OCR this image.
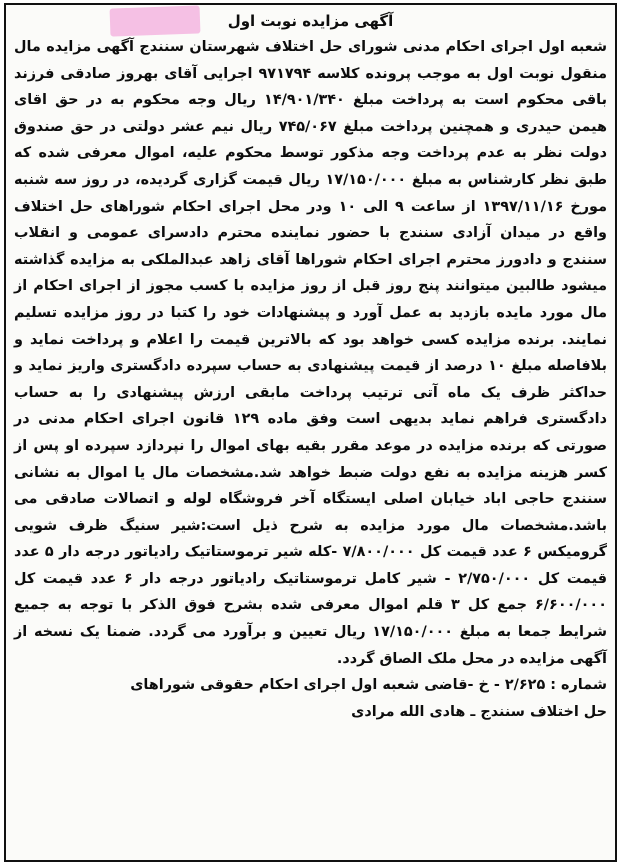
آگهی مزایده نوبت اول
شعبه اول اجرای احکام مدنی شورای حل اختلاف شهرستان سنندج آگهی مزایده مال منقول نوبت اول به موجب پرونده کلاسه ۹۷۱۷۹۴ اجرایی آقای بهروز صادقی فرزند باقی محکوم است به پرداخت مبلغ ۱۴/۹۰۱/۳۴۰ ریال وجه محکوم به در حق اقای هیمن حیدری و همچنین پرداخت مبلغ ۷۴۵/۰۶۷ ریال نیم عشر دولتی در حق صندوق دولت نظر به عدم پرداخت وجه مذکور توسط محکوم علیه، اموال معرفی شده که طبق نظر کارشناس به مبلغ ۱۷/۱۵۰/۰۰۰ ریال قیمت گزاری گردیده، در روز سه شنبه مورخ ۱۳۹۷/۱۱/۱۶ از ساعت ۹ الی ۱۰ ودر محل اجرای احکام شوراهای حل اختلاف واقع در میدان آزادی سنندج با حضور نماینده محترم دادسرای عمومی و انقلاب سنندج و دادورز محترم اجرای احکام شوراها آقای زاهد عبدالملکی به مزایده گذاشته میشود طالبین میتوانند پنج روز قبل از روز مزایده با کسب مجوز از اجرای احکام از مال مورد مایده بازدید به عمل آورد و پیشنهادات خود را کتبا در روز مزایده تسلیم نمایند. برنده مزایده کسی خواهد بود که بالاترین قیمت را اعلام و پرداخت نماید و بلافاصله مبلغ ۱۰ درصد از قیمت پیشنهادی به حساب سپرده دادگستری واریز نماید و حداکثر ظرف یک ماه آتی ترتیب پرداخت مابقی ارزش پیشنهادی را به حساب دادگستری فراهم نماید بدیهی است وفق ماده ۱۲۹ قانون اجرای احکام مدنی در صورتی که برنده مزایده در موعد مقرر بقیه بهای اموال را نپردازد سپرده او پس از کسر هزینه مزایده به نفع دولت ضبط خواهد شد.مشخصات مال یا اموال به نشانی سنندج حاجی اباد خیابان اصلی ایستگاه آخر فروشگاه لوله و اتصالات صادقی می باشد.مشخصات مال مورد مزایده به شرح ذیل است:شیر سنیگ ظرف شویی گرومیکس ۶ عدد قیمت کل ۷/۸۰۰/۰۰۰ -کله شیر ترموستاتیک رادیاتور درجه دار ۵ عدد قیمت کل ۲/۷۵۰/۰۰۰ - شیر کامل ترموستاتیک رادیاتور درجه دار ۶ عدد قیمت کل ۶/۶۰۰/۰۰۰ جمع کل ۳ قلم اموال معرفی شده بشرح فوق الذکر با توجه به جمیع شرایط جمعا به مبلغ ۱۷/۱۵۰/۰۰۰ ریال تعیین و برآورد می گردد. ضمنا یک نسخه از آگهی مزایده در محل ملک الصاق گردد.
شماره : ۲/۶۲۵ - خ -قاضی شعبه اول اجرای احکام حقوقی شوراهای
حل اختلاف سنندج ـ هادی الله مرادی
